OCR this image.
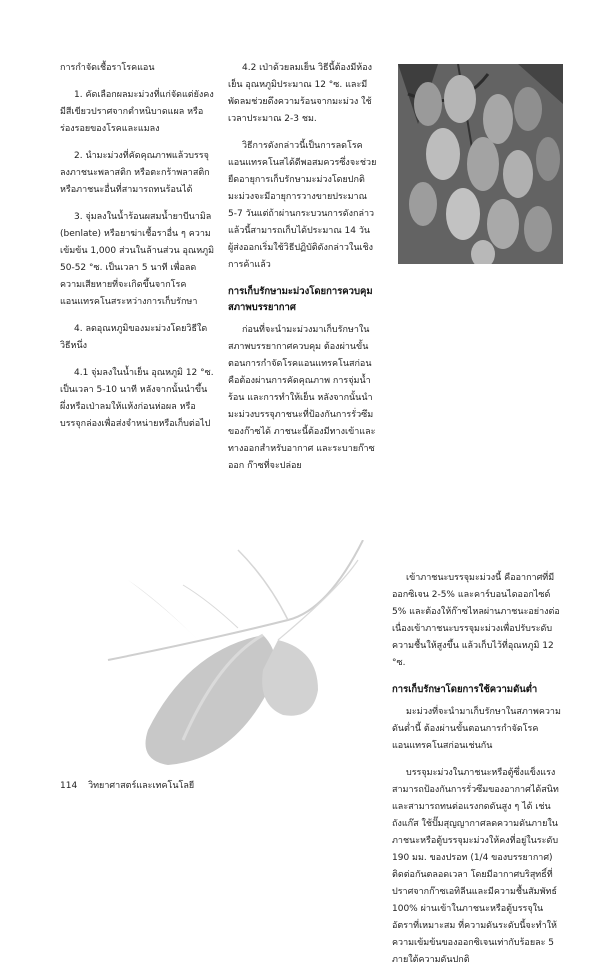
การกำจัดเชื้อราโรคแอน

1. คัดเลือกผลมะม่วงที่แก่จัดแต่ยังคงมีสีเขียวปราศจากตำหนิบาดแผล หรือร่องรอยของโรคและแมลง

2. นำมะม่วงที่คัดคุณภาพแล้วบรรจุลงภาชนะพลาสติก หรือตะกร้าพลาสติก หรือภาชนะอื่นที่สามารถทนร้อนได้

3. จุ่มลงในน้ำร้อนผสมน้ำยาบีนามิล (benlate) หรือยาฆ่าเชื้อราอื่น ๆ ความเข้มข้น 1,000 ส่วนในล้านส่วน อุณหภูมิ 50-52 °ซ. เป็นเวลา 5 นาที เพื่อลดความเสียหายที่จะเกิดขึ้นจากโรคแอนแทรคโนสระหว่างการเก็บรักษา

4. ลดอุณหภูมิของมะม่วงโดยวิธีใดวิธีหนึ่ง

4.1 จุ่มลงในน้ำเย็น อุณหภูมิ 12 °ซ. เป็นเวลา 5-10 นาที หลังจากนั้นนำขึ้นผึ่งหรือเป่าลมให้แห้งก่อนห่อผล หรือบรรจุกล่องเพื่อส่งจำหน่ายหรือเก็บต่อไป

4.2 เป่าด้วยลมเย็น วิธีนี้ต้องมีห้องเย็น อุณหภูมิประมาณ 12 °ซ. และมีพัดลมช่วยดึงความร้อนจากมะม่วง ใช้เวลาประมาณ 2-3 ชม.

วิธีการดังกล่าวนี้เป็นการลดโรคแอนแทรคโนสได้ดีพอสมควรซึ่งจะช่วยยืดอายุการเก็บรักษามะม่วงโดยปกติมะม่วงจะมีอายุการวางขายประมาณ 5-7 วันแต่ถ้าผ่านกระบวนการดังกล่าวแล้วนี้สามารถเก็บได้ประมาณ 14 วัน ผู้ส่งออกเริ่มใช้วิธีปฏิบัติดังกล่าวในเชิงการค้าแล้ว

การเก็บรักษามะม่วงโดยการควบคุมสภาพบรรยากาศ

ก่อนที่จะนำมะม่วงมาเก็บรักษาในสภาพบรรยากาศควบคุม ต้องผ่านขั้นตอนการกำจัดโรคแอนแทรคโนสก่อน คือต้องผ่านการคัดคุณภาพ การจุ่มน้ำร้อน และการทำให้เย็น หลังจากนั้นนำมะม่วงบรรจุภาชนะที่ป้องกันการรั่วซึมของก๊าซได้ ภาชนะนี้ต้องมีทางเข้าและทางออกสำหรับอากาศ และระบายก๊าซออก ก๊าซที่จะปล่อย

เข้าภาชนะบรรจุมะม่วงนี้ คืออากาศที่มีออกซิเจน 2-5% และคาร์บอนไดออกไซด์ 5% และต้องให้ก๊าซไหลผ่านภาชนะอย่างต่อเนื่องเข้าภาชนะบรรจุมะม่วงเพื่อปรับระดับความชื้นให้สูงขึ้น แล้วเก็บไว้ที่อุณหภูมิ 12 °ซ.

การเก็บรักษาโดยการใช้ความดันต่ำ

มะม่วงที่จะนำมาเก็บรักษาในสภาพความดันต่ำนี้ ต้องผ่านขั้นตอนการกำจัดโรคแอนแทรคโนสก่อนเช่นกัน

บรรจุมะม่วงในภาชนะหรือตู้ซึ่งแข็งแรงสามารถป้องกันการรั่วซึมของอากาศได้สนิท และสามารถทนต่อแรงกดดันสูง ๆ ได้ เช่น ถังแก๊ส ใช้ปั๊มสุญญากาศลดความดันภายในภาชนะหรือตู้บรรจุมะม่วงให้คงที่อยู่ในระดับ 190 มม. ของปรอท (1/4 ของบรรยากาศ) ติดต่อกันตลอดเวลา โดยมีอากาศบริสุทธิ์ที่ปราศจากก๊าซเอทิลีนและมีความชื้นสัมพัทธ์ 100% ผ่านเข้าในภาชนะหรือตู้บรรจุในอัตราที่เหมาะสม ที่ความดันระดับนี้จะทำให้ความเข้มข้นของออกซิเจนเท่ากับร้อยละ 5 ภายใต้ความดันปกติ

114 วิทยาศาสตร์และเทคโนโลยี
